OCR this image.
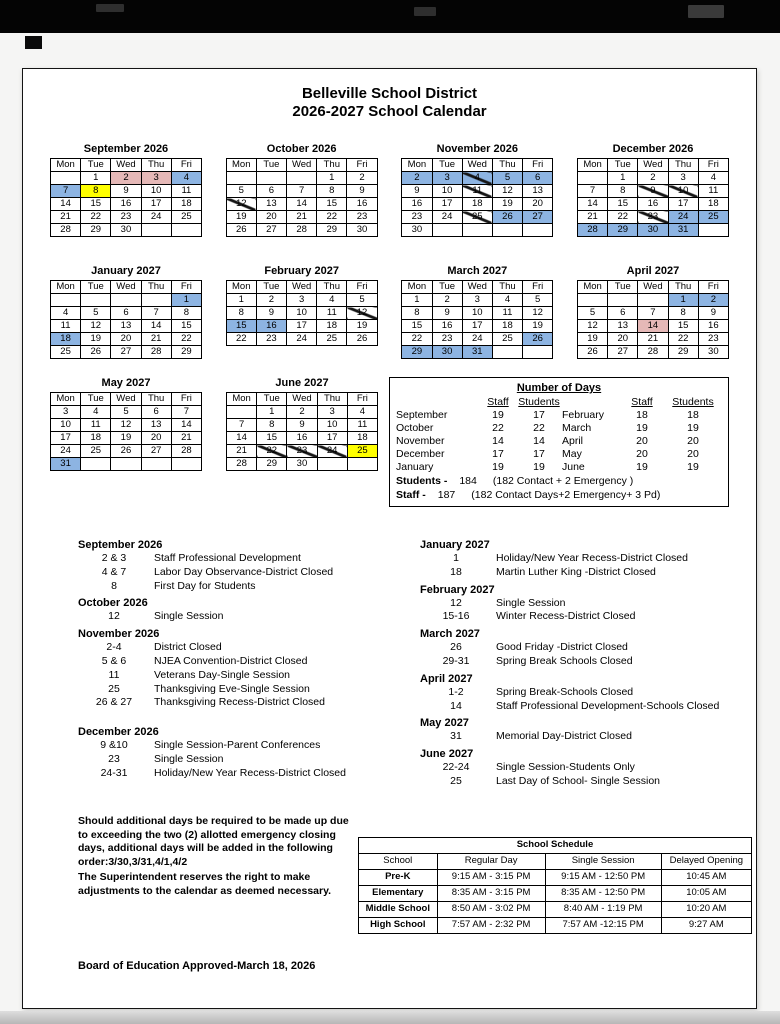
Belleville School District
2026-2027 School Calendar
September 2026
Mon	Tue	Wed	Thu	Fri
	1	2	3	4
7	8	9	10	11
14	15	16	17	18
21	22	23	24	25
28	29	30		
October 2026
Mon	Tue	Wed	Thu	Fri
			1	2
5	6	7	8	9
12	13	14	15	16
19	20	21	22	23
26	27	28	29	30
November 2026
Mon	Tue	Wed	Thu	Fri
2	3	4	5	6
9	10	11	12	13
16	17	18	19	20
23	24	25	26	27
30				
December 2026
Mon	Tue	Wed	Thu	Fri
	1	2	3	4
7	8	9	10	11
14	15	16	17	18
21	22	23	24	25
28	29	30	31	
January 2027
Mon	Tue	Wed	Thu	Fri
				1
4	5	6	7	8
11	12	13	14	15
18	19	20	21	22
25	26	27	28	29
February 2027
Mon	Tue	Wed	Thu	Fri
1	2	3	4	5
8	9	10	11	12
15	16	17	18	19
22	23	24	25	26
March 2027
Mon	Tue	Wed	Thu	Fri
1	2	3	4	5
8	9	10	11	12
15	16	17	18	19
22	23	24	25	26
29	30	31		
April 2027
Mon	Tue	Wed	Thu	Fri
			1	2
5	6	7	8	9
12	13	14	15	16
19	20	21	22	23
26	27	28	29	30
May 2027
Mon	Tue	Wed	Thu	Fri
3	4	5	6	7
10	11	12	13	14
17	18	19	20	21
24	25	26	27	28
31				
June 2027
Mon	Tue	Wed	Thu	Fri
	1	2	3	4
7	8	9	10	11
14	15	16	17	18
21	22	23	24	25
28	29	30		
Number of Days
Staff Students	Staff	Students
September	19	17	February	18	18
October	22	22	March	19	19
November	14	14	April	20	20
December	17	17	May	20	20
January	19	19	June	19	19
Students - 184 (182 Contact + 2 Emergency )
Staff - 187 (182 Contact Days+2 Emergency+ 3 Pd)
September 2026
2 & 3	Staff Professional Development
4 & 7	Labor Day Observance-District Closed
8	First Day for Students
October 2026
12	Single Session
November 2026
2-4	District Closed
5 & 6	NJEA Convention-District Closed
11	Veterans Day-Single Session
25	Thanksgiving Eve-Single Session
26 & 27	Thanksgiving Recess-District Closed
December 2026
9 &10	Single Session-Parent Conferences
23	Single Session
24-31	Holiday/New Year Recess-District Closed
January 2027
1	Holiday/New Year Recess-District Closed
18	Martin Luther King -District Closed
February 2027
12	Single Session
15-16	Winter Recess-District Closed
March 2027
26	Good Friday -District Closed
29-31	Spring Break Schools Closed
April 2027
1-2	Spring Break-Schools Closed
14	Staff Professional Development-Schools Closed
May 2027
31	Memorial Day-District Closed
June 2027
22-24	Single Session-Students Only
25	Last Day of School- Single Session

Should additional days be required to be made up due to exceeding the two (2) allotted emergency closing days, additional days will be added in the following order:3/30,3/31,4/1,4/2

The Superintendent reserves the right to make adjustments to the calendar as deemed necessary.

School Schedule			
School	Regular Day	Single Session	Delayed Opening
Pre-K	9:15 AM - 3:15 PM	9:15 AM - 12:50 PM	10:45 AM
Elementary	8:35 AM - 3:15 PM	8:35 AM - 12:50 PM	10:05 AM
Middle School	8:50 AM - 3:02 PM	8:40 AM - 1:19 PM	10:20 AM
High School	7:57 AM - 2:32 PM	7:57 AM -12:15 PM	9:27 AM
Board of Education Approved-March 18, 2026
